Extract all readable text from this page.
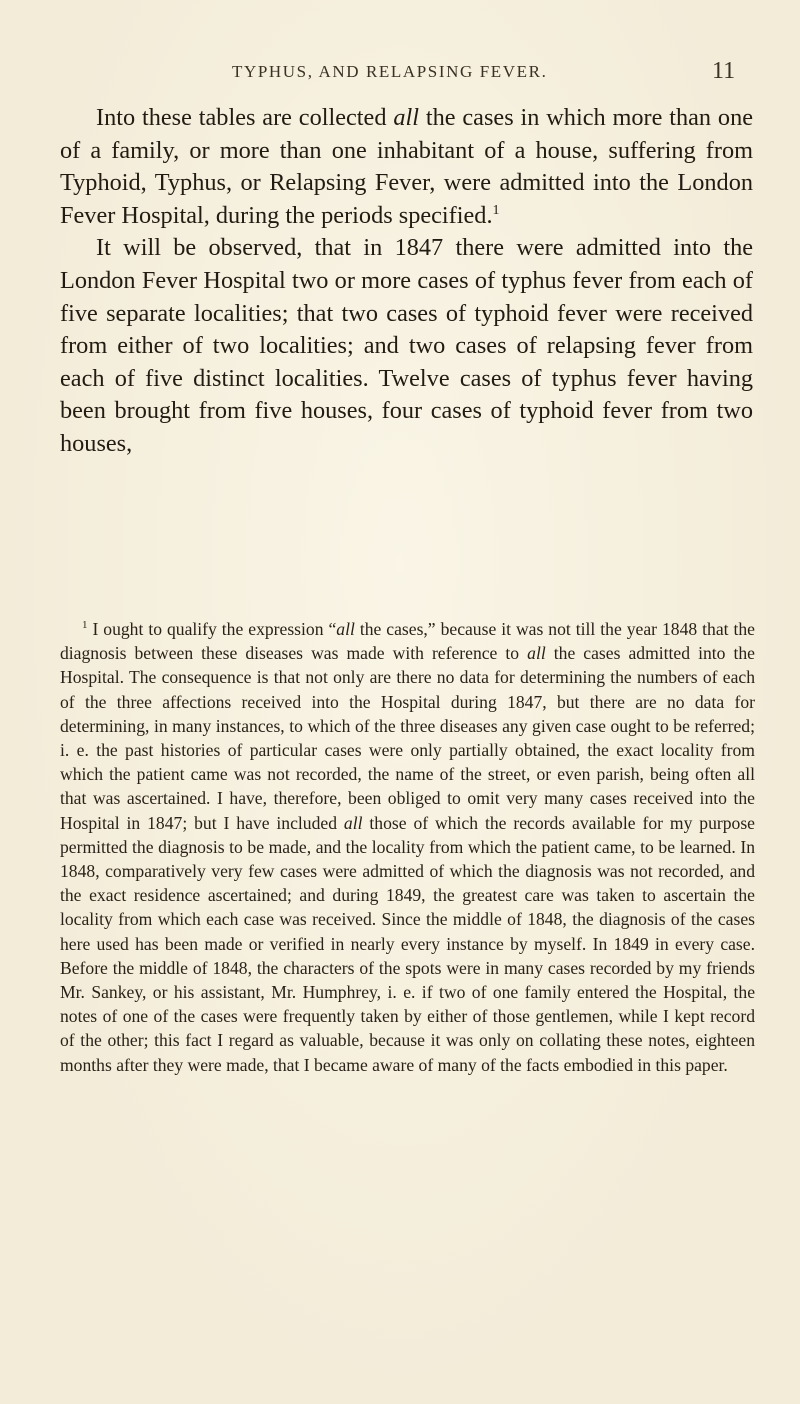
TYPHUS, AND RELAPSING FEVER.	11

Into these tables are collected all the cases in which more than one of a family, or more than one inhabitant of a house, suffering from Typhoid, Typhus, or Relapsing Fever, were admitted into the London Fever Hospital, during the periods specified.$^1$

It will be observed, that in 1847 there were admitted into the London Fever Hospital two or more cases of typhus fever from each of five separate localities; that two cases of typhoid fever were received from either of two localities; and two cases of relapsing fever from each of five distinct localities. Twelve cases of typhus fever having been brought from five houses, four cases of typhoid fever from two houses,

$^1$ I ought to qualify the expression “all the cases,” because it was not till the year 1848 that the diagnosis between these diseases was made with reference to all the cases admitted into the Hospital. The consequence is that not only are there no data for determining the numbers of each of the three affections received into the Hospital during 1847, but there are no data for determining, in many instances, to which of the three diseases any given case ought to be referred; i. e. the past histories of particular cases were only partially obtained, the exact locality from which the patient came was not recorded, the name of the street, or even parish, being often all that was ascertained. I have, therefore, been obliged to omit very many cases received into the Hospital in 1847; but I have included all those of which the records available for my purpose permitted the diagnosis to be made, and the locality from which the patient came, to be learned. In 1848, comparatively very few cases were admitted of which the diagnosis was not recorded, and the exact residence ascertained; and during 1849, the greatest care was taken to ascertain the locality from which each case was received. Since the middle of 1848, the diagnosis of the cases here used has been made or verified in nearly every instance by myself. In 1849 in every case. Before the middle of 1848, the characters of the spots were in many cases recorded by my friends Mr. Sankey, or his assistant, Mr. Humphrey, i. e. if two of one family entered the Hospital, the notes of one of the cases were frequently taken by either of those gentlemen, while I kept record of the other; this fact I regard as valuable, because it was only on collating these notes, eighteen months after they were made, that I became aware of many of the facts embodied in this paper.
